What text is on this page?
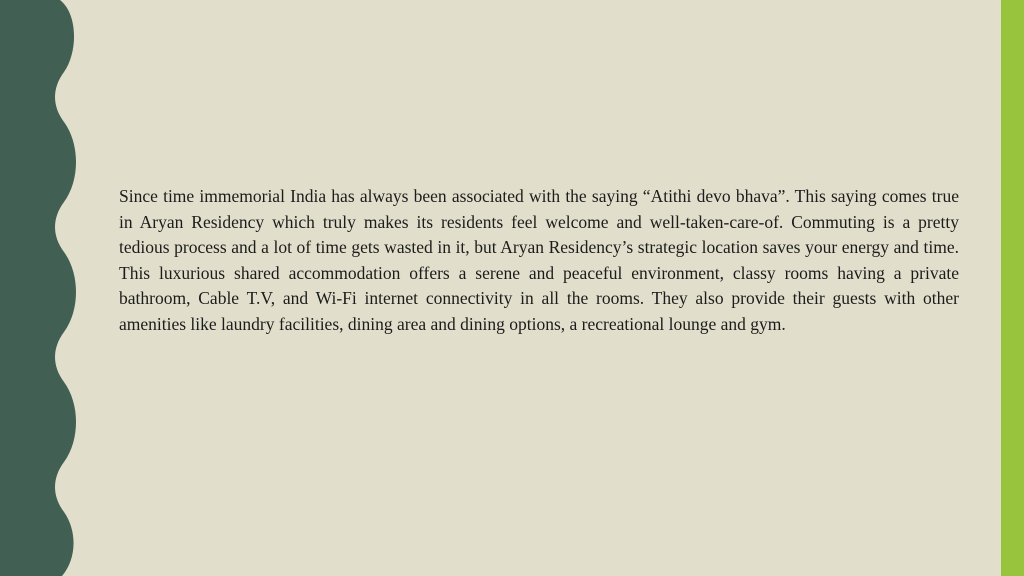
Since time immemorial India has always been associated with the saying “Atithi devo bhava”. This saying comes true in Aryan Residency which truly makes its residents feel welcome and well-taken-care-of. Commuting is a pretty tedious process and a lot of time gets wasted in it, but Aryan Residency’s strategic location saves your energy and time. This luxurious shared accommodation offers a serene and peaceful environment, classy rooms having a private bathroom, Cable T.V, and Wi-Fi internet connectivity in all the rooms. They also provide their guests with other amenities like laundry facilities, dining area and dining options, a recreational lounge and gym.
